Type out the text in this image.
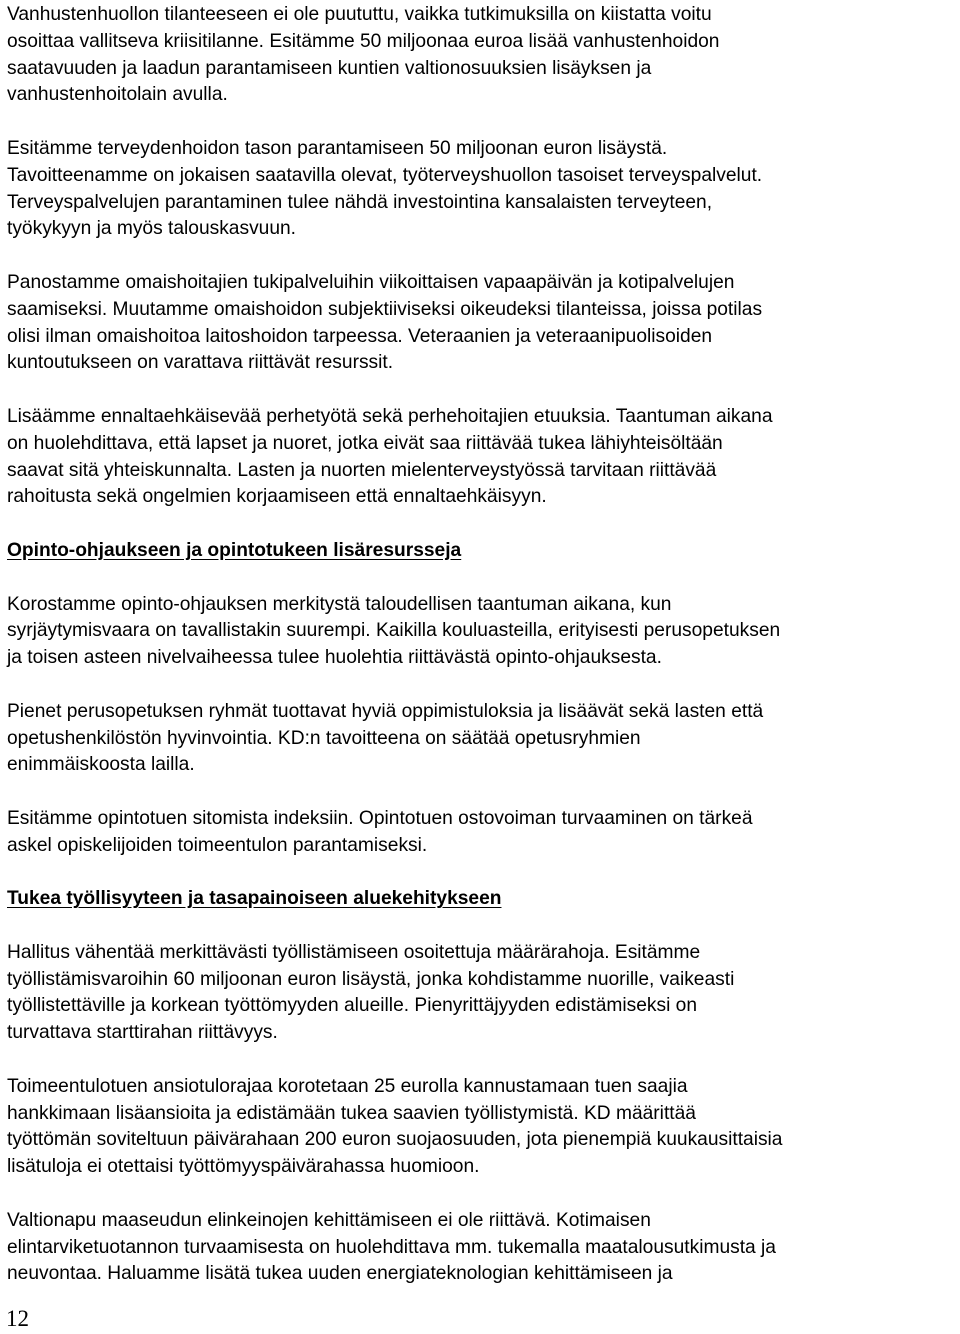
Vanhustenhuollon tilanteeseen ei ole puututtu, vaikka tutkimuksilla on kiistatta voitu
osoittaa vallitseva kriisitilanne. Esitämme 50 miljoonaa euroa lisää vanhustenhoidon
saatavuuden ja laadun parantamiseen kuntien valtionosuuksien lisäyksen ja
vanhustenhoitolain avulla.

Esitämme terveydenhoidon tason parantamiseen 50 miljoonan euron lisäystä.
Tavoitteenamme on jokaisen saatavilla olevat, työterveyshuollon tasoiset terveyspalvelut.
Terveyspalvelujen parantaminen tulee nähdä investointina kansalaisten terveyteen,
työkykyyn ja myös talouskasvuun.

Panostamme omaishoitajien tukipalveluihin viikoittaisen vapaapäivän ja kotipalvelujen
saamiseksi. Muutamme omaishoidon subjektiiviseksi oikeudeksi tilanteissa, joissa potilas
olisi ilman omaishoitoa laitoshoidon tarpeessa. Veteraanien ja veteraanipuolisoiden
kuntoutukseen on varattava riittävät resurssit.

Lisäämme ennaltaehkäisevää perhetyötä sekä perhehoitajien etuuksia. Taantuman aikana
on huolehdittava, että lapset ja nuoret, jotka eivät saa riittävää tukea lähiyhteisöltään
saavat sitä yhteiskunnalta. Lasten ja nuorten mielenterveystyössä tarvitaan riittävää
rahoitusta sekä ongelmien korjaamiseen että ennaltaehkäisyyn.

Opinto-ohjaukseen ja opintotukeen lisäresursseja

Korostamme opinto-ohjauksen merkitystä taloudellisen taantuman aikana, kun
syrjäytymisvaara on tavallistakin suurempi. Kaikilla kouluasteilla, erityisesti perusopetuksen
ja toisen asteen nivelvaiheessa tulee huolehtia riittävästä opinto-ohjauksesta.

Pienet perusopetuksen ryhmät tuottavat hyviä oppimistuloksia ja lisäävät sekä lasten että
opetushenkilöstön hyvinvointia. KD:n tavoitteena on säätää opetusryhmien
enimmäiskoosta lailla.

Esitämme opintotuen sitomista indeksiin. Opintotuen ostovoiman turvaaminen on tärkeä
askel opiskelijoiden toimeentulon parantamiseksi.

Tukea työllisyyteen ja tasapainoiseen aluekehitykseen

Hallitus vähentää merkittävästi työllistämiseen osoitettuja määrärahoja. Esitämme
työllistämisvaroihin 60 miljoonan euron lisäystä, jonka kohdistamme nuorille, vaikeasti
työllistettäville ja korkean työttömyyden alueille. Pienyrittäjyyden edistämiseksi on
turvattava starttirahan riittävyys.

Toimeentulotuen ansiotulorajaa korotetaan 25 eurolla kannustamaan tuen saajia
hankkimaan lisäansioita ja edistämään tukea saavien työllistymistä. KD määrittää
työttömän soviteltuun päivärahaan 200 euron suojaosuuden, jota pienempiä kuukausittaisia
lisätuloja ei otettaisi työttömyyspäivärahassa huomioon.

Valtionapu maaseudun elinkeinojen kehittämiseen ei ole riittävä. Kotimaisen
elintarviketuotannon turvaamisesta on huolehdittava mm. tukemalla maatalousutkimusta ja
neuvontaa. Haluamme lisätä tukea uuden energiateknologian kehittämiseen ja

12
